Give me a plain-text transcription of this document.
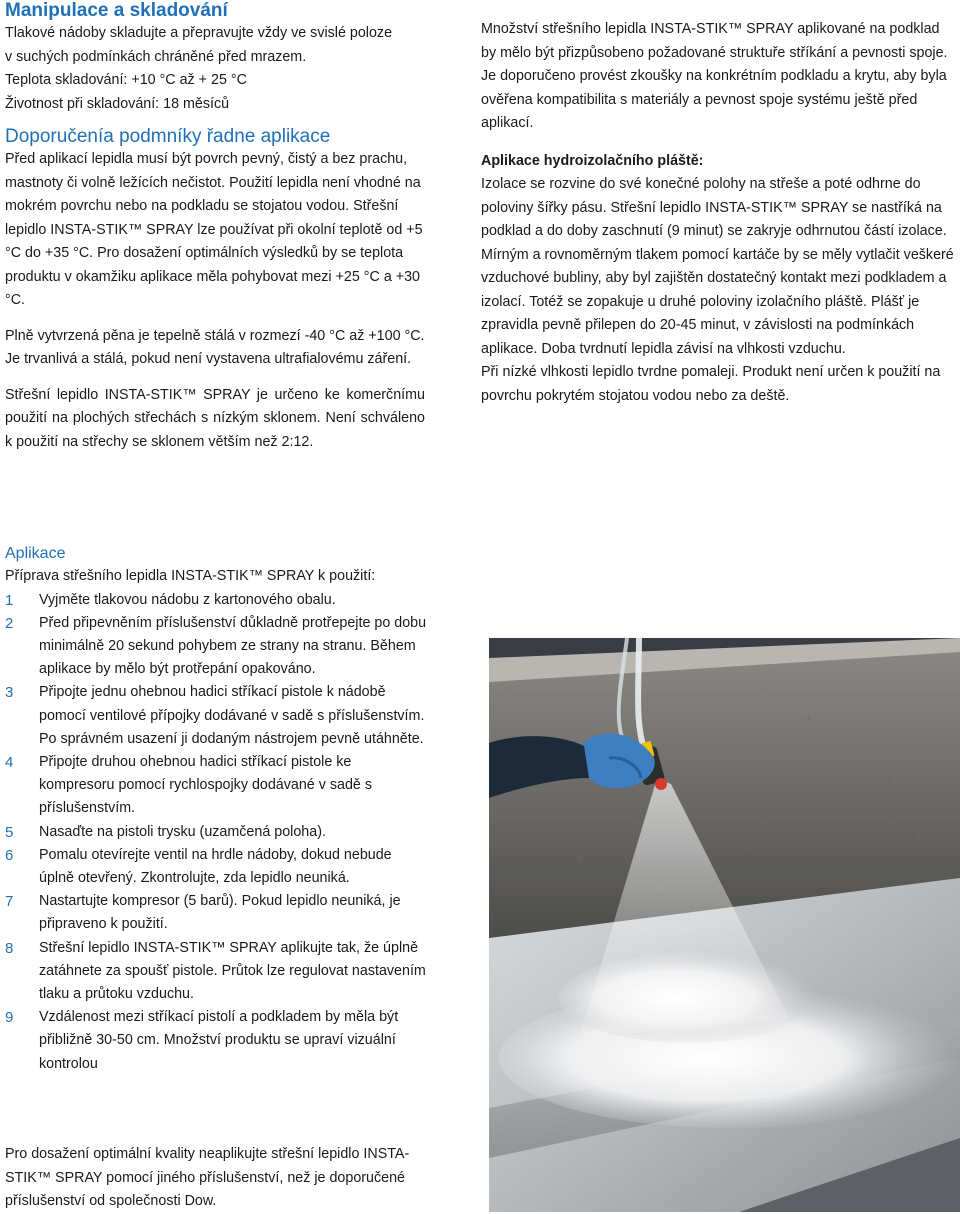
Manipulace a skladování

Tlakové nádoby skladujte a přepravujte vždy ve svislé poloze

v suchých podmínkách chráněné před mrazem.

Teplota skladování: +10 °C až + 25 °C

Životnost při skladování: 18 měsíců

Doporučenía podmníky řadne aplikace

Před aplikací lepidla musí být povrch pevný, čistý a bez prachu, mastnoty či volně ležících nečistot. Použití lepidla není vhodné na mokrém povrchu nebo na podkladu se stojatou vodou. Střešní lepidlo INSTA-STIK™ SPRAY lze používat při okolní teplotě od +5 °C do +35 °C. Pro dosažení optimálních výsledků by se teplota produktu v okamžiku aplikace měla pohybovat mezi +25 °C a +30 °C.

Plně vytvrzená pěna je tepelně stálá v rozmezí -40 °C až +100 °C. Je trvanlivá a stálá, pokud není vystavena ultrafialovému záření.

Střešní lepidlo INSTA-STIK™ SPRAY je určeno ke komerčnímu použití na plochých střechách s nízkým sklonem. Není schváleno k použití na střechy se sklonem větším než 2:12.

Množství střešního lepidla INSTA-STIK™ SPRAY aplikované na podklad by mělo být přizpůsobeno požadované struktuře stříkání a pevnosti spoje. Je doporučeno provést zkoušky na konkrétním podkladu a krytu, aby byla ověřena kompatibilita s materiály a pevnost spoje systému ještě před aplikací.

Aplikace hydroizolačního pláště:

Izolace se rozvine do své konečné polohy na střeše a poté odhrne do poloviny šířky pásu. Střešní lepidlo INSTA-STIK™ SPRAY se nastříká na podklad a do doby zaschnutí (9 minut) se zakryje odhrnutou částí izolace. Mírným a rovnoměrným tlakem pomocí kartáče by se měly vytlačit veškeré vzduchové bubliny, aby byl zajištěn dostatečný kontakt mezi podkladem a izolací. Totéž se zopakuje u druhé poloviny izolačního pláště. Plášť je zpravidla pevně přilepen do 20-45 minut, v závislosti na podmínkách aplikace. Doba tvrdnutí lepidla závisí na vlhkosti vzduchu.

Při nízké vlhkosti lepidlo tvrdne pomaleji. Produkt není určen k použití na povrchu pokrytém stojatou vodou nebo za deště.

Aplikace

Příprava střešního lepidla INSTA-STIK™ SPRAY k použití:

1 Vyjměte tlakovou nádobu z kartonového obalu.
2 Před připevněním příslušenství důkladně protřepejte po dobu minimálně 20 sekund pohybem ze strany na stranu. Během aplikace by mělo být protřepání opakováno.
3 Připojte jednu ohebnou hadici stříkací pistole k nádobě pomocí ventilové přípojky dodávané v sadě s příslušenstvím. Po správném usazení ji dodaným nástrojem pevně utáhněte.
4 Připojte druhou ohebnou hadici stříkací pistole ke kompresoru pomocí rychlospojky dodávané v sadě s příslušenstvím.
5 Nasaďte na pistoli trysku (uzamčená poloha).
6 Pomalu otevírejte ventil na hrdle nádoby, dokud nebude úplně otevřený. Zkontrolujte, zda lepidlo neuniká.
7 Nastartujte kompresor (5 barů). Pokud lepidlo neuniká, je připraveno k použití.
8 Střešní lepidlo INSTA-STIK™ SPRAY aplikujte tak, že úplně zatáhnete za spoušť pistole. Průtok lze regulovat nastavením tlaku a průtoku vzduchu.
9 Vzdálenost mezi stříkací pistolí a podkladem by měla být přibližně 30-50 cm. Množství produktu se upraví vizuální kontrolou

Pro dosažení optimální kvality neaplikujte střešní lepidlo INSTA-STIK™ SPRAY pomocí jiného příslušenství, než je doporučené příslušenství od společnosti Dow.
